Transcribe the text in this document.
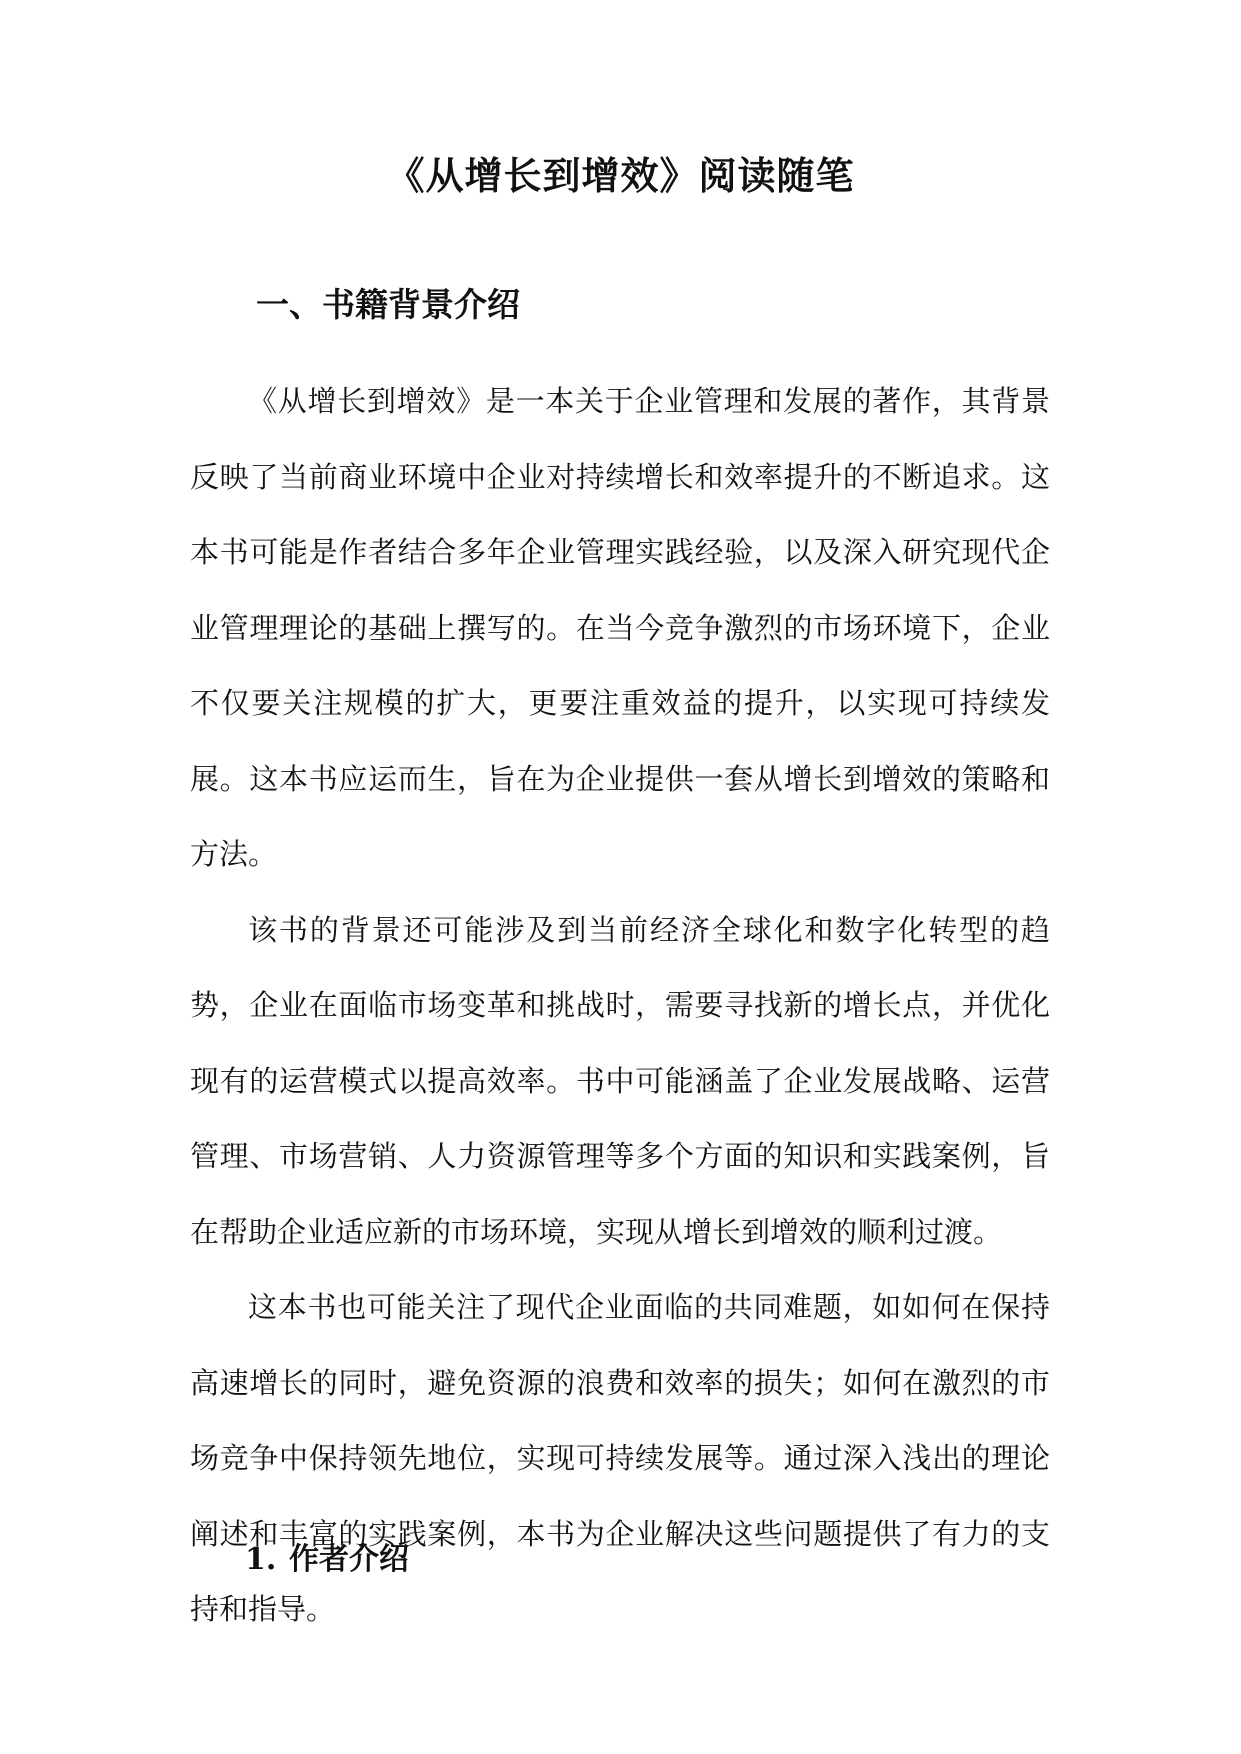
《从增长到增效》阅读随笔
一、书籍背景介绍

《从增长到增效》是一本关于企业管理和发展的著作，其背景反映了当前商业环境中企业对持续增长和效率提升的不断追求。这本书可能是作者结合多年企业管理实践经验，以及深入研究现代企业管理理论的基础上撰写的。在当今竞争激烈的市场环境下，企业不仅要关注规模的扩大，更要注重效益的提升，以实现可持续发展。这本书应运而生，旨在为企业提供一套从增长到增效的策略和方法。

该书的背景还可能涉及到当前经济全球化和数字化转型的趋势，企业在面临市场变革和挑战时，需要寻找新的增长点，并优化现有的运营模式以提高效率。书中可能涵盖了企业发展战略、运营管理、市场营销、人力资源管理等多个方面的知识和实践案例，旨在帮助企业适应新的市场环境，实现从增长到增效的顺利过渡。

这本书也可能关注了现代企业面临的共同难题，如如何在保持高速增长的同时，避免资源的浪费和效率的损失；如何在激烈的市场竞争中保持领先地位，实现可持续发展等。通过深入浅出的理论阐述和丰富的实践案例，本书为企业解决这些问题提供了有力的支持和指导。

1. 作者介绍
